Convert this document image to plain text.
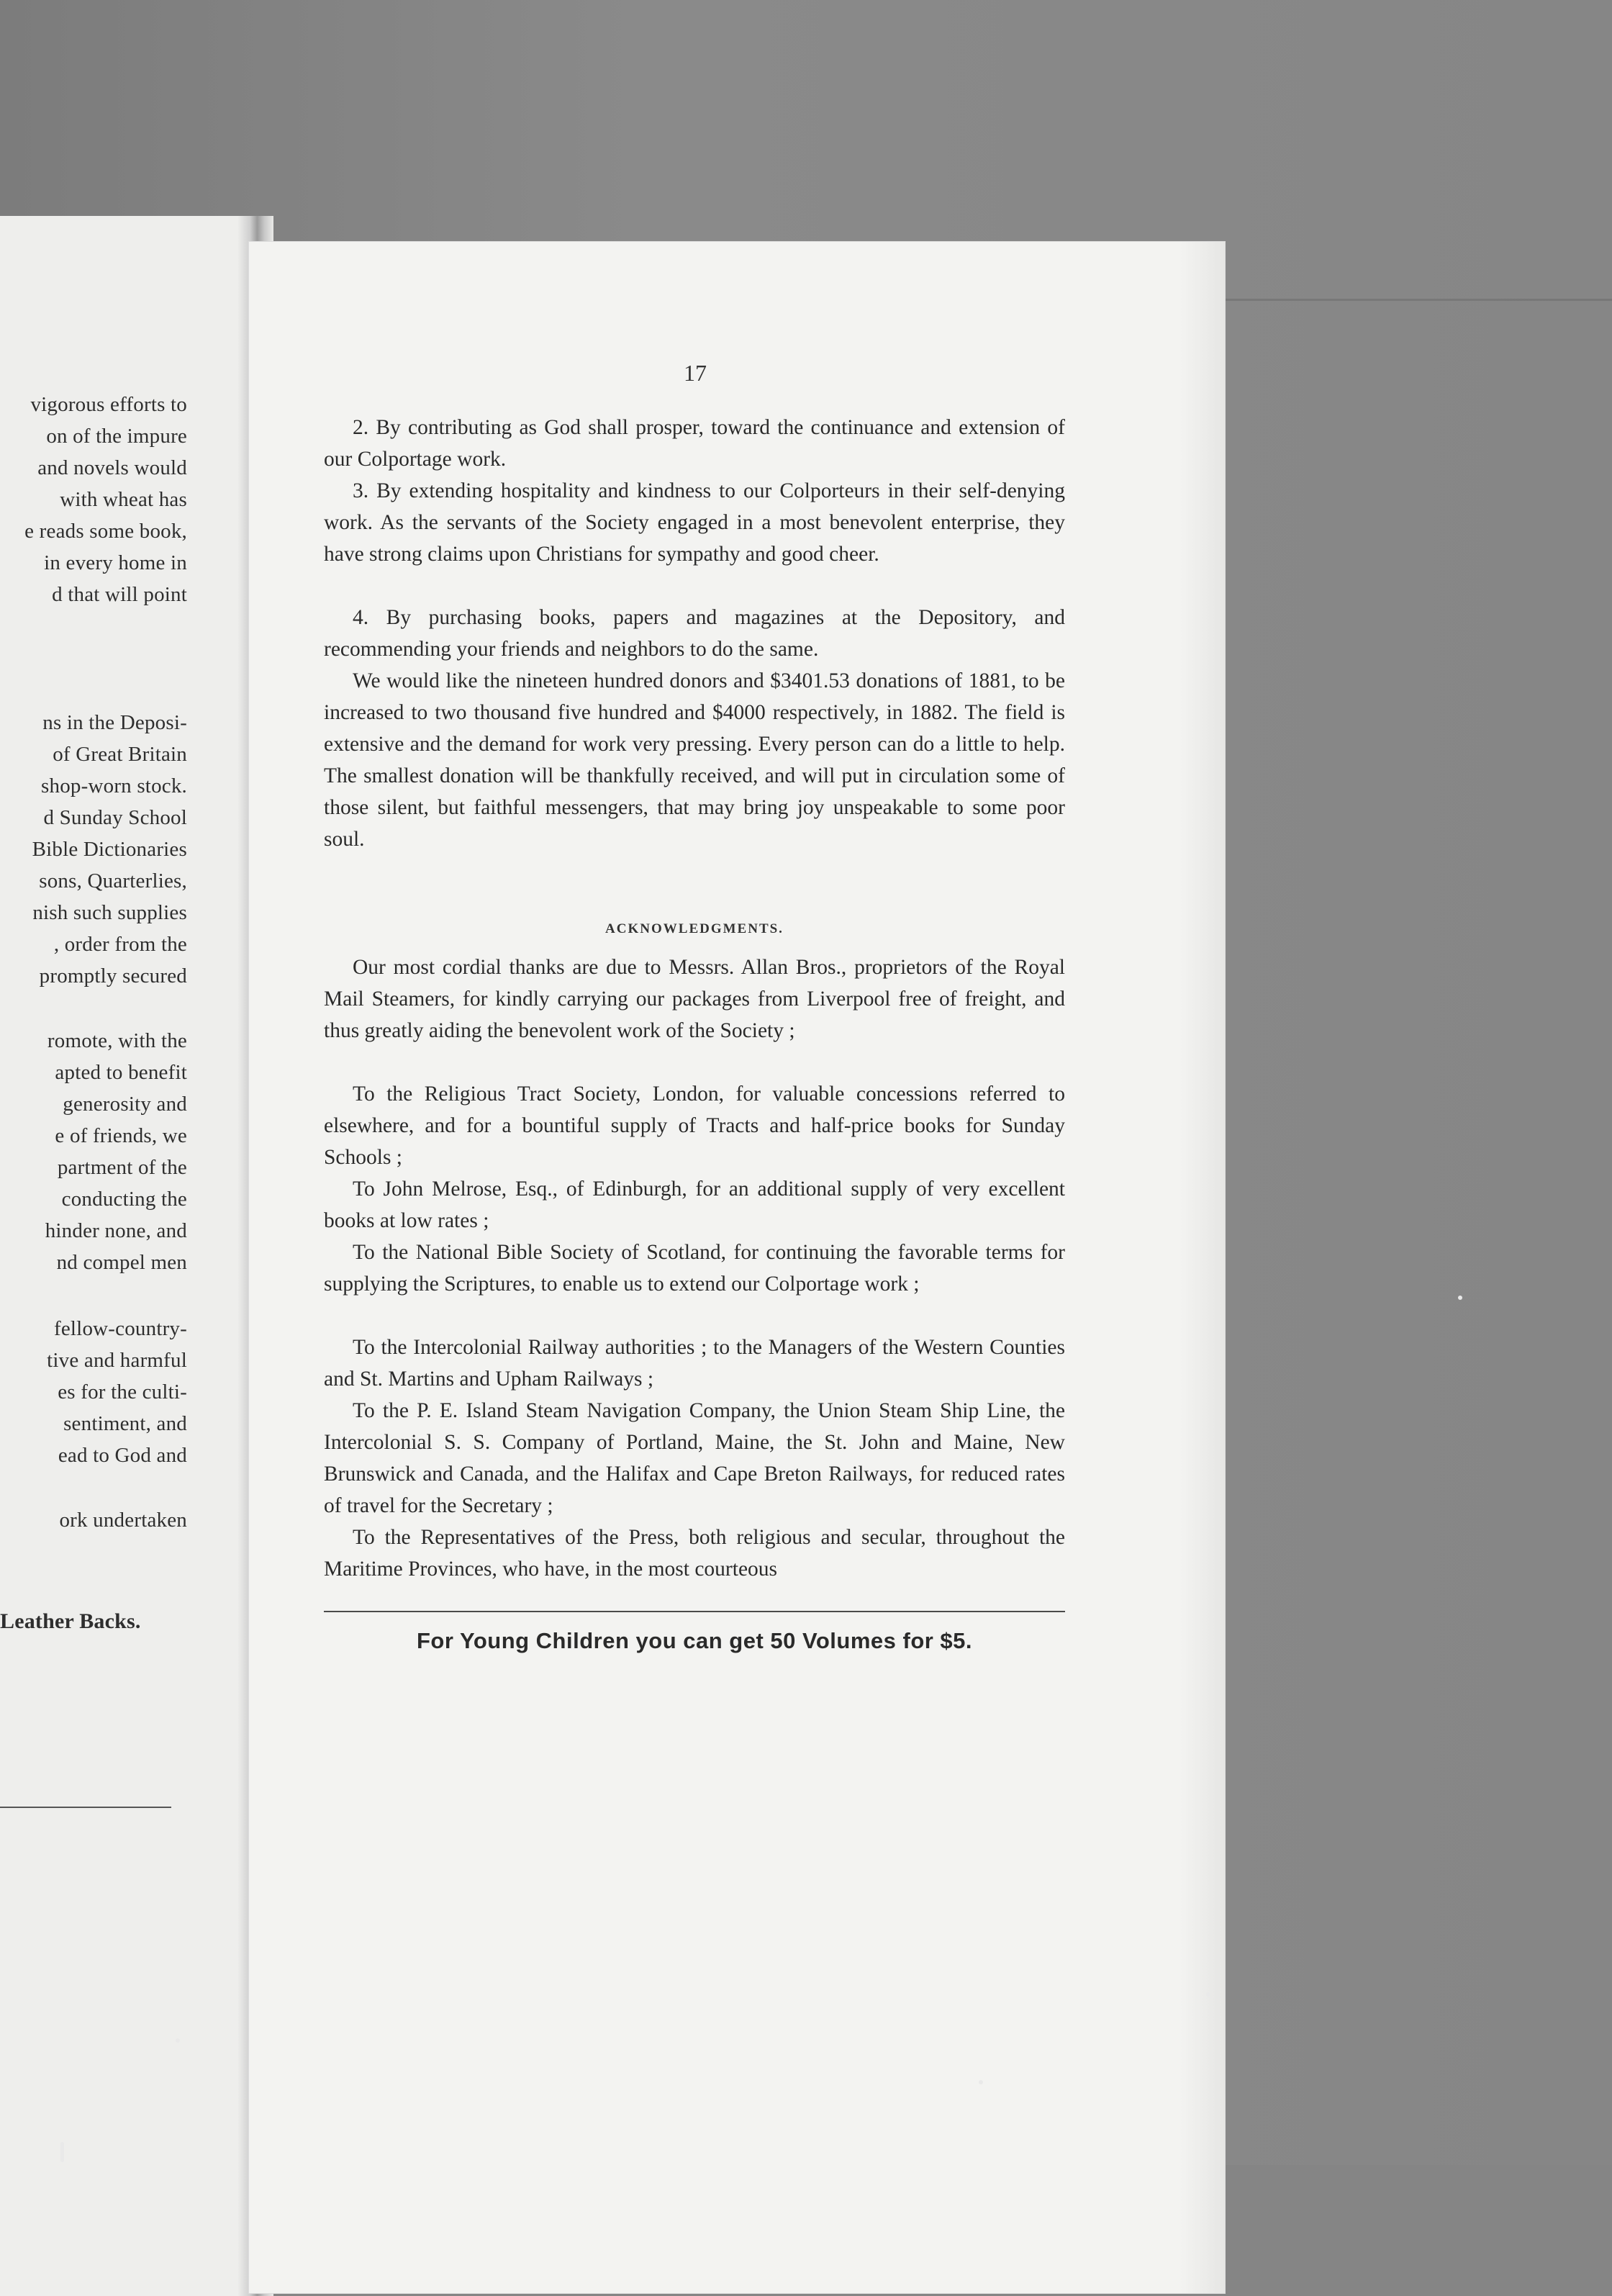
vigorous efforts to
on of the impure
and novels would
with wheat has
e reads some book,
in every home in
d that will point
ns in the Deposi-
of Great Britain
shop-worn stock.
d Sunday School
Bible Dictionaries
sons, Quarterlies,
nish such supplies
, order from the
promptly secured
romote, with the
apted to benefit
generosity and
e of friends, we
partment of the
conducting the
hinder none, and
nd compel men
fellow-country-
tive and harmful
es for the culti-
sentiment, and
ead to God and
ork undertaken
Leather Backs.
17
2. By contributing as God shall prosper, toward the continuance and extension of our Colportage work.
3. By extending hospitality and kindness to our Colporteurs in their self-denying work. As the servants of the Society engaged in a most benevolent enterprise, they have strong claims upon Christians for sympathy and good cheer.
4. By purchasing books, papers and magazines at the Depository, and recommending your friends and neighbors to do the same.
We would like the nineteen hundred donors and $3401.53 donations of 1881, to be increased to two thousand five hundred and $4000 respectively, in 1882. The field is extensive and the demand for work very pressing. Every person can do a little to help. The smallest donation will be thankfully received, and will put in circulation some of those silent, but faithful messengers, that may bring joy unspeakable to some poor soul.
ACKNOWLEDGMENTS.
Our most cordial thanks are due to Messrs. Allan Bros., proprietors of the Royal Mail Steamers, for kindly carrying our packages from Liverpool free of freight, and thus greatly aiding the benevolent work of the Society ;
To the Religious Tract Society, London, for valuable concessions referred to elsewhere, and for a bountiful supply of Tracts and half-price books for Sunday Schools ;
To John Melrose, Esq., of Edinburgh, for an additional supply of very excellent books at low rates ;
To the National Bible Society of Scotland, for continuing the favorable terms for supplying the Scriptures, to enable us to extend our Colportage work ;
To the Intercolonial Railway authorities ; to the Managers of the Western Counties and St. Martins and Upham Railways ;
To the P. E. Island Steam Navigation Company, the Union Steam Ship Line, the Intercolonial S. S. Company of Portland, Maine, the St. John and Maine, New Brunswick and Canada, and the Halifax and Cape Breton Railways, for reduced rates of travel for the Secretary ;
To the Representatives of the Press, both religious and secular, throughout the Maritime Provinces, who have, in the most courteous
For Young Children you can get 50 Volumes for $5.
